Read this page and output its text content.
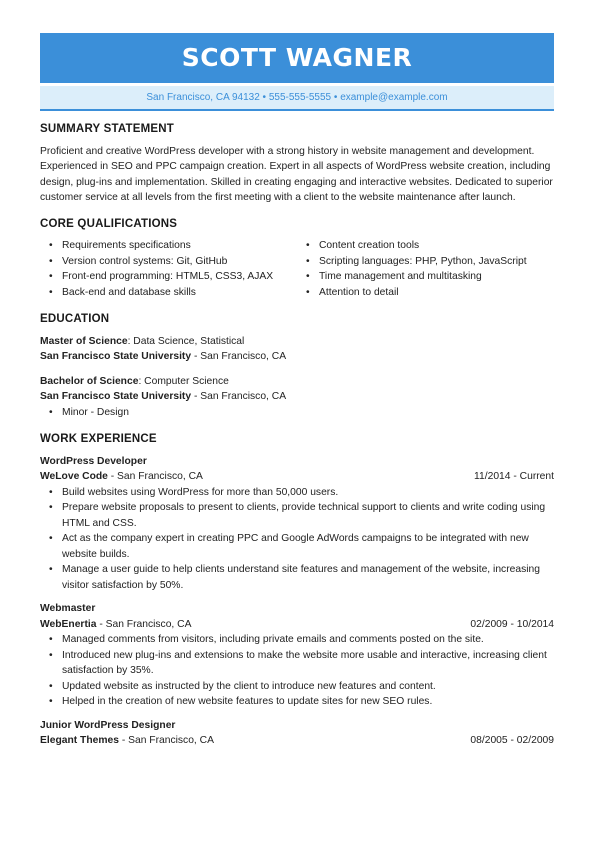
SCOTT WAGNER
San Francisco, CA 94132 • 555-555-5555 • example@example.com
SUMMARY STATEMENT

Proficient and creative WordPress developer with a strong history in website management and development. Experienced in SEO and PPC campaign creation. Expert in all aspects of WordPress website creation, including design, plug-ins and implementation. Skilled in creating engaging and interactive websites. Dedicated to superior customer service at all levels from the first meeting with a client to the website maintenance after launch.

CORE QUALIFICATIONS
• Requirements specifications
• Version control systems: Git, GitHub
• Front-end programming: HTML5, CSS3, AJAX
• Back-end and database skills
• Content creation tools
• Scripting languages: PHP, Python, JavaScript
• Time management and multitasking
• Attention to detail
EDUCATION
Master of Science: Data Science, Statistical
San Francisco State University - San Francisco, CA
Bachelor of Science: Computer Science
San Francisco State University - San Francisco, CA
• Minor - Design
WORK EXPERIENCE
WordPress Developer
WeLove Code - San Francisco, CA	11/2014 - Current
• Build websites using WordPress for more than 50,000 users.
• Prepare website proposals to present to clients, provide technical support to clients and write coding using HTML and CSS.
• Act as the company expert in creating PPC and Google AdWords campaigns to be integrated with new website builds.
• Manage a user guide to help clients understand site features and management of the website, increasing visitor satisfaction by 50%.
Webmaster
WebEnertia - San Francisco, CA	02/2009 - 10/2014
• Managed comments from visitors, including private emails and comments posted on the site.
• Introduced new plug-ins and extensions to make the website more usable and interactive, increasing client satisfaction by 35%.
• Updated website as instructed by the client to introduce new features and content.
• Helped in the creation of new website features to update sites for new SEO rules.
Junior WordPress Designer
Elegant Themes - San Francisco, CA	08/2005 - 02/2009
